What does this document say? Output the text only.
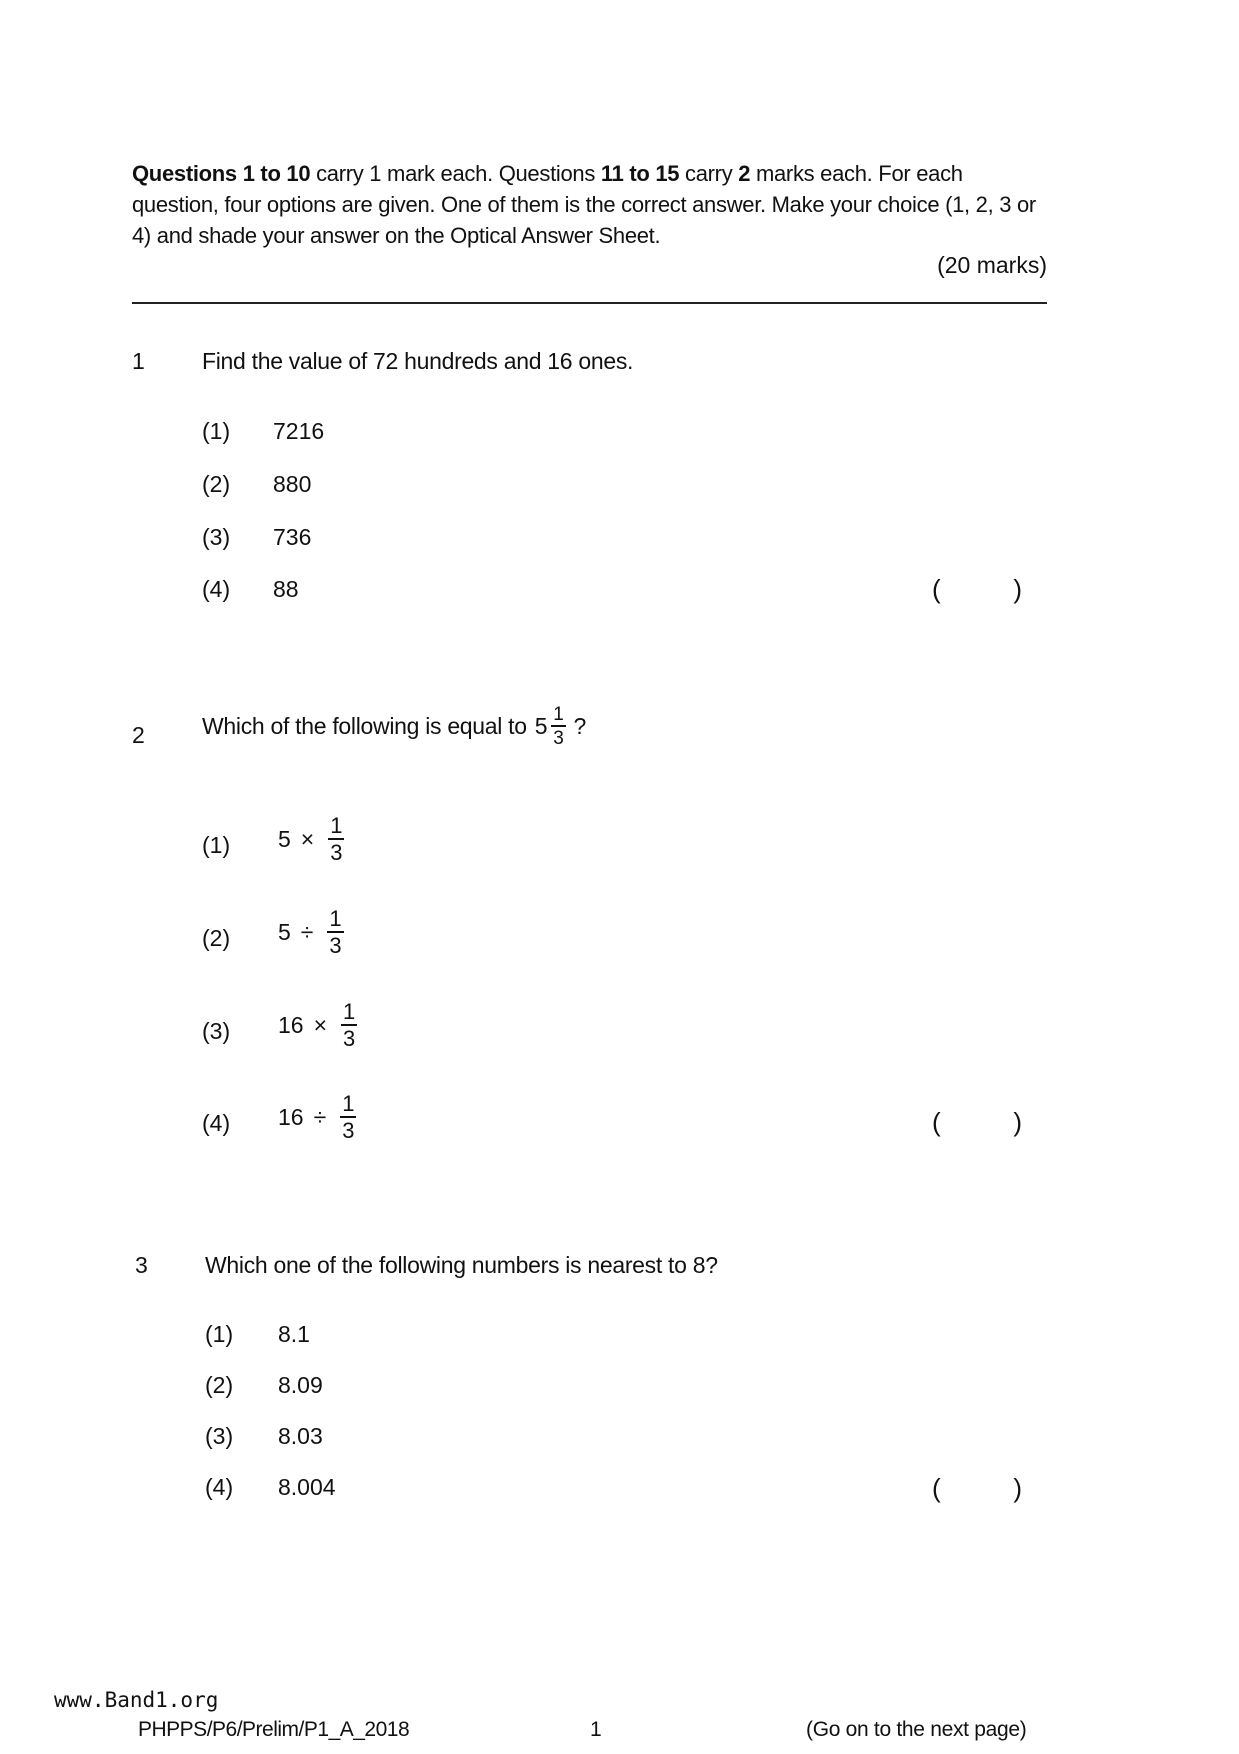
Questions 1 to 10 carry 1 mark each. Questions 11 to 15 carry 2 marks each. For each question, four options are given. One of them is the correct answer. Make your choice (1, 2, 3 or 4) and shade your answer on the Optical Answer Sheet.
(20 marks)
1 Find the value of 72 hundreds and 16 ones.
(1) 7216
(2) 880
(3) 736
(4) 88	(	)
2 Which of the following is equal to $5 \frac{1}{3}$ ?
(1) $5 \times \frac{1}{3}$
(2) $5 \div \frac{1}{3}$
(3) $16 \times \frac{1}{3}$
(4) $16 \div \frac{1}{3}$	(	)
3 Which one of the following numbers is nearest to 8?
(1) 8.1
(2) 8.09
(3) 8.03
(4) 8.004	(	)
www.Band1.org
PHPPS/P6/Prelim/P1_A_2018	1	(Go on to the next page)
